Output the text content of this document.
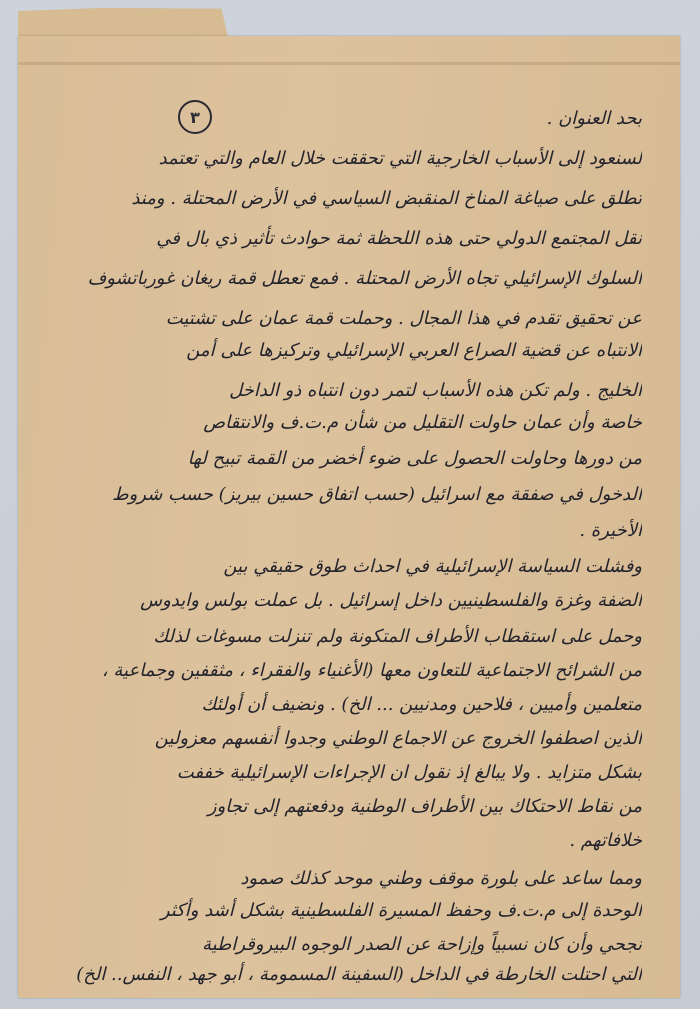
٣	بحد العنوان .
لسنعود إلى الأسباب الخارجية التي تحققت خلال العام والتي تعتمد
تطلق على صياغة المناخ المنقبض السياسي في الأرض المحتلة . ومنذ
نقل المجتمع الدولي حتى هذه اللحظة ثمة حوادث تأثير ذي بال في
السلوك الإسرائيلي تجاه الأرض المحتلة . فمع تعطل قمة ريغان غورباتشوف
عن تحقيق تقدم في هذا المجال . وحملت قمة عمان على تشتيت
الانتباه عن قضية الصراع العربي الإسرائيلي وتركيزها على أمن
الخليج . ولم تكن هذه الأسباب لتمر دون انتباه ذو الداخل
خاصة وأن عمان حاولت التقليل من شأن م.ت.ف والانتقاص
من دورها وحاولت الحصول على ضوء أخضر من القمة تبيح لها
الدخول في صفقة مع اسرائيل (حسب اتفاق حسين بيريز) حسب شروط
الأخيرة .
وفشلت السياسة الإسرائيلية في احداث طوق حقيقي بين
الضفة وغزة والفلسطينيين داخل إسرائيل . بل عملت بولس وايدوس
وحمل على استقطاب الأطراف المتكونة ولم تنزلت مسوغات لذلك
من الشرائح الاجتماعية للتعاون معها (الأغنياء والفقراء ، مثقفين وجماعية ،
متعلمين وأميين ، فلاحين ومدنيين ... الخ) . ونضيف أن أولئك
الذين اصطفوا الخروج عن الاجماع الوطني وجدوا أنفسهم معزولين
بشكل متزايد . ولا يبالغ إذ نقول ان الإجراءات الإسرائيلية خففت
من نقاط الاحتكاك بين الأطراف الوطنية ودفعتهم إلى تجاوز
خلافاتهم .
ومما ساعد على بلورة موقف وطني موحد كذلك صمود
الوحدة إلى م.ت.ف وحفظ المسيرة الفلسطينية بشكل أشد وأكثر
نجحي وأن كان نسبياً وإزاحة عن الصدر الوجوه البيروقراطية
التي احتلت الخارطة في الداخل (السفينة المسمومة ، أبو جهد ، النفس.. الخ)
